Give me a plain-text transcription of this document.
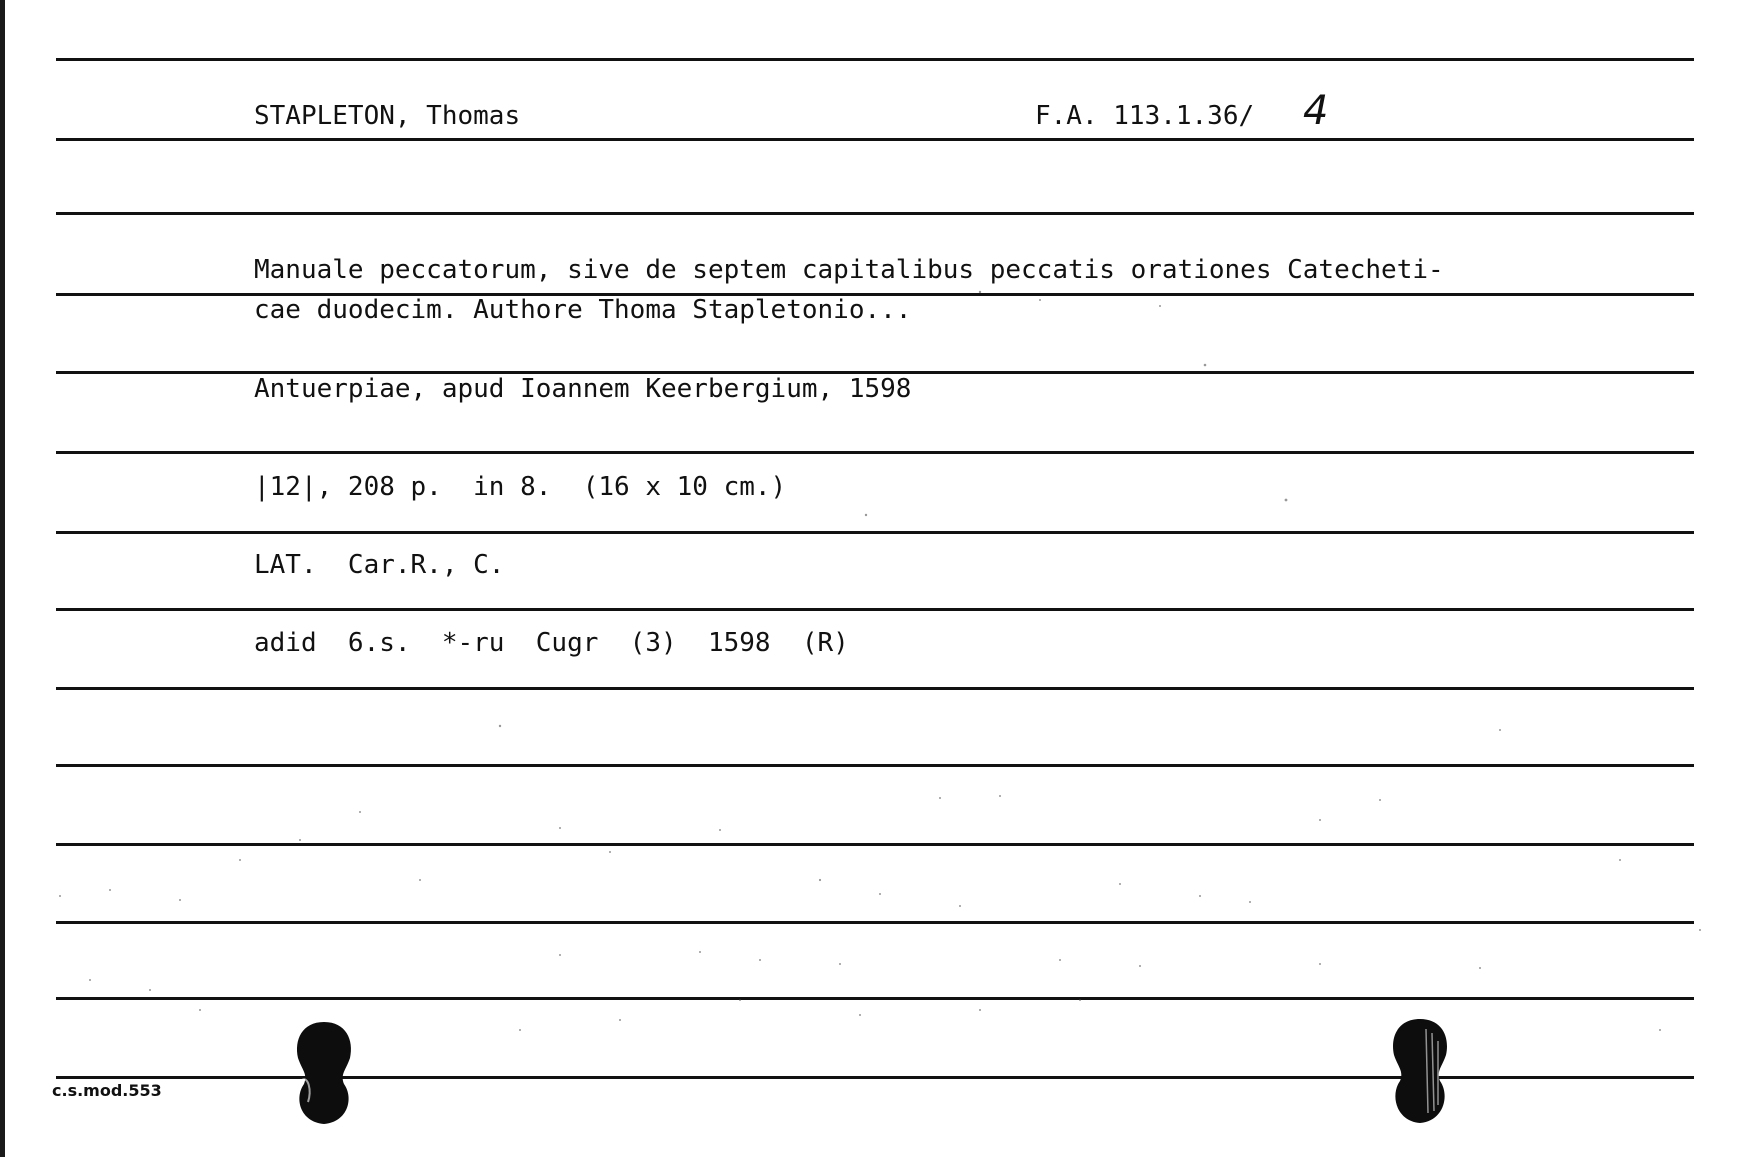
STAPLETON, Thomas	F.A. 113.1.36/ 4
Manuale peccatorum, sive de septem capitalibus peccatis orationes Catecheti-
cae duodecim. Authore Thoma Stapletonio...
Antuerpiae, apud Ioannem Keerbergium, 1598
|12|, 208 p.  in 8.  (16 x 10 cm.)
LAT.  Car.R., C.
adid  6.s.  *-ru  Cugr  (3)  1598  (R)
c.s.mod.553
